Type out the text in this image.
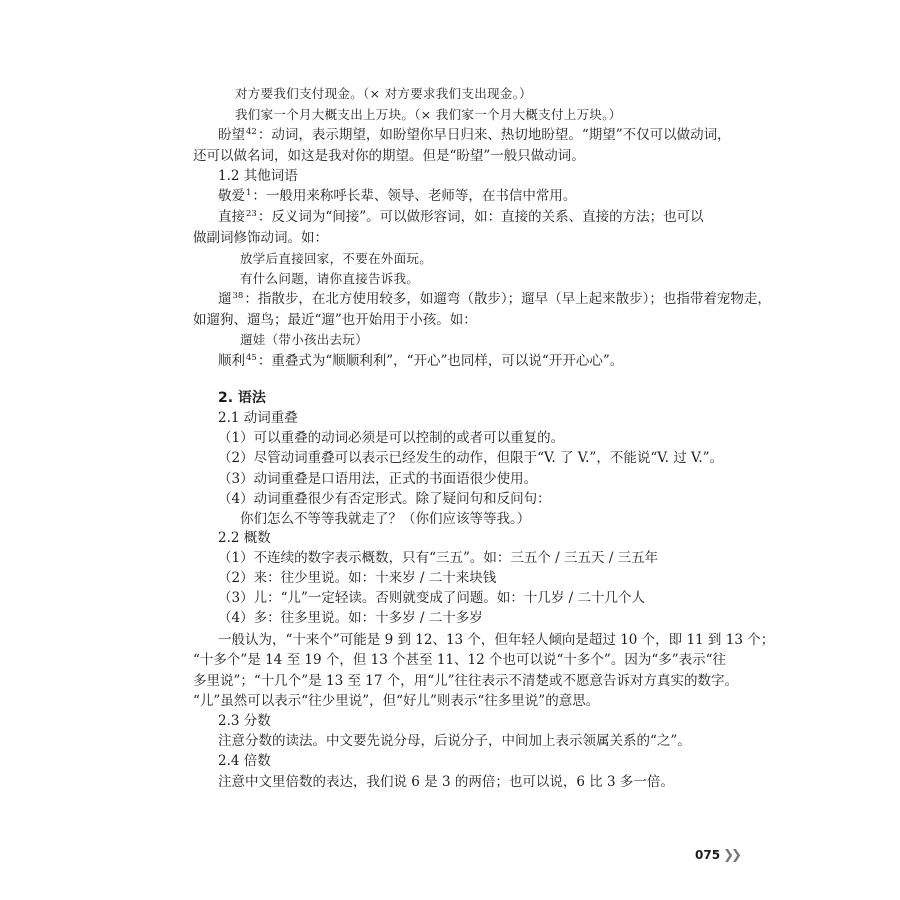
对方要我们支付现金。（× 对方要求我们支出现金。）
我们家一个月大概支出上万块。（× 我们家一个月大概支付上万块。）
盼望$^{42}$：动词，表示期望，如盼望你早日归来、热切地盼望。“期望”不仅可以做动词，
还可以做名词，如这是我对你的期望。但是“盼望”一般只做动词。
1.2 其他词语
敬爱$^1$：一般用来称呼长辈、领导、老师等，在书信中常用。
直接$^{23}$：反义词为“间接”。可以做形容词，如：直接的关系、直接的方法；也可以
做副词修饰动词。如：
放学后直接回家，不要在外面玩。
有什么问题，请你直接告诉我。
遛$^{38}$：指散步，在北方使用较多，如遛弯（散步）；遛早（早上起来散步）；也指带着宠物走，
如遛狗、遛鸟；最近“遛”也开始用于小孩。如：
遛娃（带小孩出去玩）
顺利$^{45}$：重叠式为“顺顺利利”，“开心”也同样，可以说“开开心心”。
2. 语法
2.1 动词重叠
（1）可以重叠的动词必须是可以控制的或者可以重复的。
（2）尽管动词重叠可以表示已经发生的动作，但限于“V. 了 V.”，不能说“V. 过 V.”。
（3）动词重叠是口语用法，正式的书面语很少使用。
（4）动词重叠很少有否定形式。除了疑问句和反问句：
你们怎么不等等我就走了？（你们应该等等我。）
2.2 概数
（1）不连续的数字表示概数，只有“三五”。如：三五个 / 三五天 / 三五年
（2）来：往少里说。如：十来岁 / 二十来块钱
（3）儿：“儿”一定轻读。否则就变成了问题。如：十几岁 / 二十几个人
（4）多：往多里说。如：十多岁 / 二十多岁
一般认为，“十来个”可能是 9 到 12、13 个，但年轻人倾向是超过 10 个，即 11 到 13 个；
“十多个”是 14 至 19 个，但 13 个甚至 11、12 个也可以说“十多个”。因为“多”表示“往
多里说”；“十几个”是 13 至 17 个，用“儿”往往表示不清楚或不愿意告诉对方真实的数字。
“儿”虽然可以表示“往少里说”，但“好儿”则表示“往多里说”的意思。
2.3 分数
注意分数的读法。中文要先说分母，后说分子，中间加上表示领属关系的“之”。
2.4 倍数
注意中文里倍数的表达，我们说 6 是 3 的两倍；也可以说，6 比 3 多一倍。
075 ❯❯
